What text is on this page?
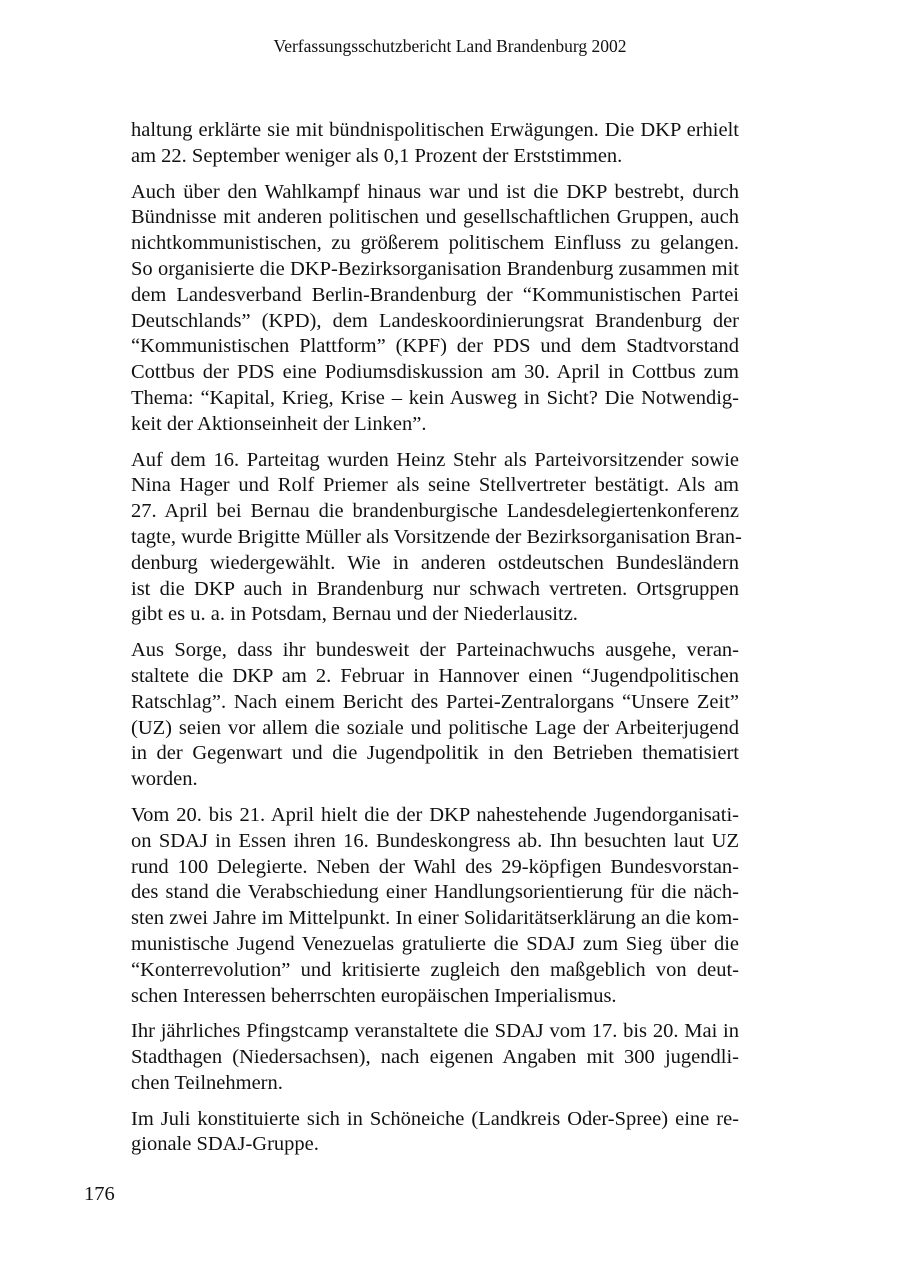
Verfassungsschutzbericht Land Brandenburg 2002

haltung erklärte sie mit bündnispolitischen Erwägungen. Die DKP erhielt
am 22. September weniger als 0,1 Prozent der Erststimmen.

Auch über den Wahlkampf hinaus war und ist die DKP bestrebt, durch
Bündnisse mit anderen politischen und gesellschaftlichen Gruppen, auch
nichtkommunistischen, zu größerem politischem Einfluss zu gelangen.
So organisierte die DKP-Bezirksorganisation Brandenburg zusammen mit
dem Landesverband Berlin-Brandenburg der “Kommunistischen Partei
Deutschlands” (KPD), dem Landeskoordinierungsrat Brandenburg der
“Kommunistischen Plattform” (KPF) der PDS und dem Stadtvorstand
Cottbus der PDS eine Podiumsdiskussion am 30. April in Cottbus zum
Thema: “Kapital, Krieg, Krise – kein Ausweg in Sicht? Die Notwendig-
keit der Aktionseinheit der Linken”.

Auf dem 16. Parteitag wurden Heinz Stehr als Parteivorsitzender sowie
Nina Hager und Rolf Priemer als seine Stellvertreter bestätigt. Als am
27. April bei Bernau die brandenburgische Landesdelegiertenkonferenz
tagte, wurde Brigitte Müller als Vorsitzende der Bezirksorganisation Bran-
denburg wiedergewählt. Wie in anderen ostdeutschen Bundesländern
ist die DKP auch in Brandenburg nur schwach vertreten. Ortsgruppen
gibt es u. a. in Potsdam, Bernau und der Niederlausitz.

Aus Sorge, dass ihr bundesweit der Parteinachwuchs ausgehe, veran-
staltete die DKP am 2. Februar in Hannover einen “Jugendpolitischen
Ratschlag”. Nach einem Bericht des Partei-Zentralorgans “Unsere Zeit”
(UZ) seien vor allem die soziale und politische Lage der Arbeiterjugend
in der Gegenwart und die Jugendpolitik in den Betrieben thematisiert
worden.

Vom 20. bis 21. April hielt die der DKP nahestehende Jugendorganisati-
on SDAJ in Essen ihren 16. Bundeskongress ab. Ihn besuchten laut UZ
rund 100 Delegierte. Neben der Wahl des 29-köpfigen Bundesvorstan-
des stand die Verabschiedung einer Handlungsorientierung für die näch-
sten zwei Jahre im Mittelpunkt. In einer Solidaritätserklärung an die kom-
munistische Jugend Venezuelas gratulierte die SDAJ zum Sieg über die
“Konterrevolution” und kritisierte zugleich den maßgeblich von deut-
schen Interessen beherrschten europäischen Imperialismus.

Ihr jährliches Pfingstcamp veranstaltete die SDAJ vom 17. bis 20. Mai in
Stadthagen (Niedersachsen), nach eigenen Angaben mit 300 jugendli-
chen Teilnehmern.

Im Juli konstituierte sich in Schöneiche (Landkreis Oder-Spree) eine re-
gionale SDAJ-Gruppe.

176
